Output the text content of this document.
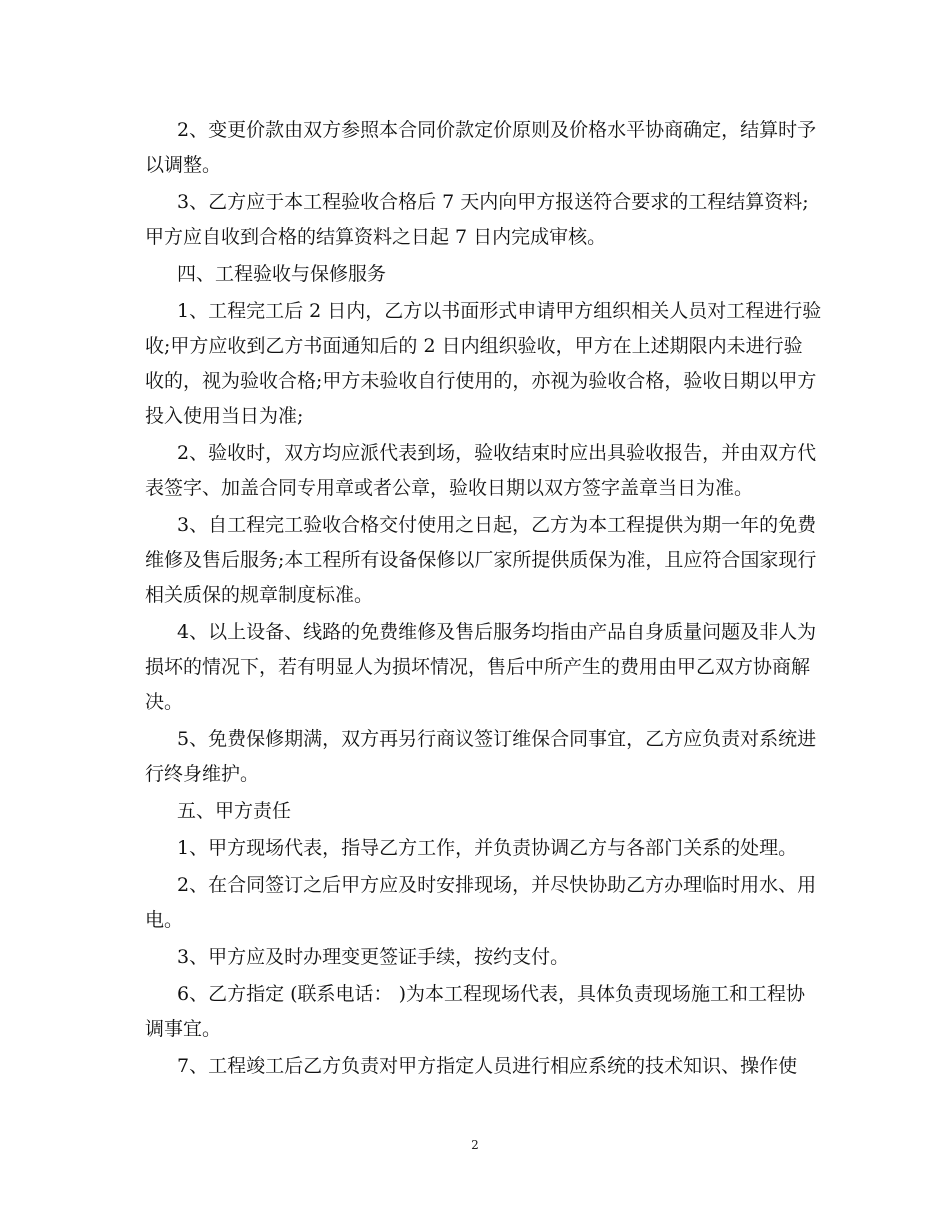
2、变更价款由双方参照本合同价款定价原则及价格水平协商确定，结算时予
以调整。

3、乙方应于本工程验收合格后 7 天内向甲方报送符合要求的工程结算资料;
甲方应自收到合格的结算资料之日起 7 日内完成审核。

四、工程验收与保修服务

1、工程完工后 2 日内，乙方以书面形式申请甲方组织相关人员对工程进行验
收;甲方应收到乙方书面通知后的 2 日内组织验收，甲方在上述期限内未进行验
收的，视为验收合格;甲方未验收自行使用的，亦视为验收合格，验收日期以甲方
投入使用当日为准;

2、验收时，双方均应派代表到场，验收结束时应出具验收报告，并由双方代
表签字、加盖合同专用章或者公章，验收日期以双方签字盖章当日为准。

3、自工程完工验收合格交付使用之日起，乙方为本工程提供为期一年的免费
维修及售后服务;本工程所有设备保修以厂家所提供质保为准，且应符合国家现行
相关质保的规章制度标准。

4、以上设备、线路的免费维修及售后服务均指由产品自身质量问题及非人为
损坏的情况下，若有明显人为损坏情况，售后中所产生的费用由甲乙双方协商解
决。

5、免费保修期满，双方再另行商议签订维保合同事宜，乙方应负责对系统进
行终身维护。

五、甲方责任

1、甲方现场代表，指导乙方工作，并负责协调乙方与各部门关系的处理。

2、在合同签订之后甲方应及时安排现场，并尽快协助乙方办理临时用水、用
电。

3、甲方应及时办理变更签证手续，按约支付。

6、乙方指定 (联系电话： )为本工程现场代表，具体负责现场施工和工程协
调事宜。

7、工程竣工后乙方负责对甲方指定人员进行相应系统的技术知识、操作使

2
